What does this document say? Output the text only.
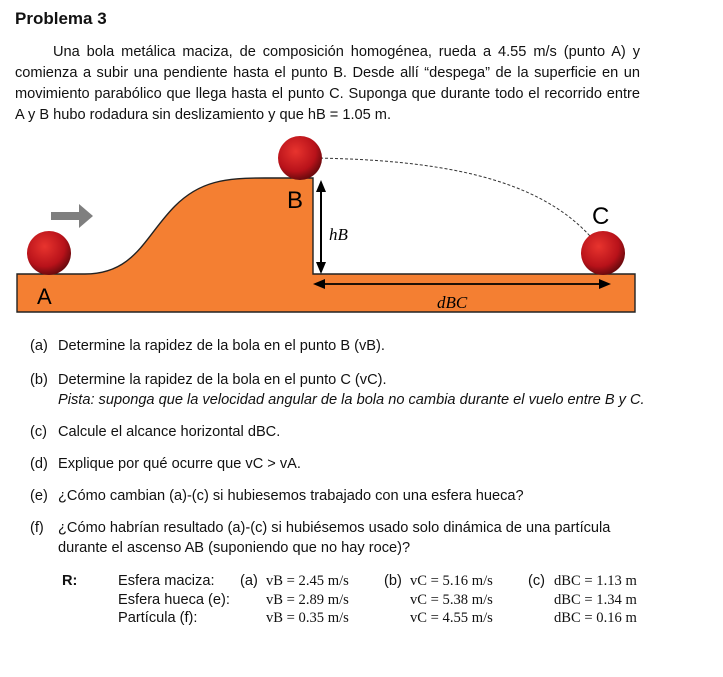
Problema 3
Una bola metálica maciza, de composición homogénea, rueda a 4.55 m/s (punto A) y comienza a subir una pendiente hasta el punto B. Desde allí “despega” de la superficie en un movimiento parabólico que llega hasta el punto C. Suponga que durante todo el recorrido entre A y B hubo rodadura sin deslizamiento y que hB = 1.05 m.
A
B
C
hB
dBC
(a) Determine la rapidez de la bola en el punto B (vB).
(b) Determine la rapidez de la bola en el punto C (vC).
Pista: suponga que la velocidad angular de la bola no cambia durante el vuelo entre B y C.
(c) Calcule el alcance horizontal dBC.
(d) Explique por qué ocurre que vC > vA.
(e) ¿Cómo cambian (a)-(c) si hubiesemos trabajado con una esfera hueca?
(f) ¿Cómo habrían resultado (a)-(c) si hubiésemos usado solo dinámica de una partícula durante el ascenso AB (suponiendo que no hay roce)?
R:	Esfera maciza:	(a)	vB = 2.45 m/s	(b)	vC = 5.16 m/s	(c)	dBC = 1.13 m
	Esfera hueca (e):		vB = 2.89 m/s		vC = 5.38 m/s		dBC = 1.34 m
	Partícula (f):		vB = 0.35 m/s		vC = 4.55 m/s		dBC = 0.16 m
